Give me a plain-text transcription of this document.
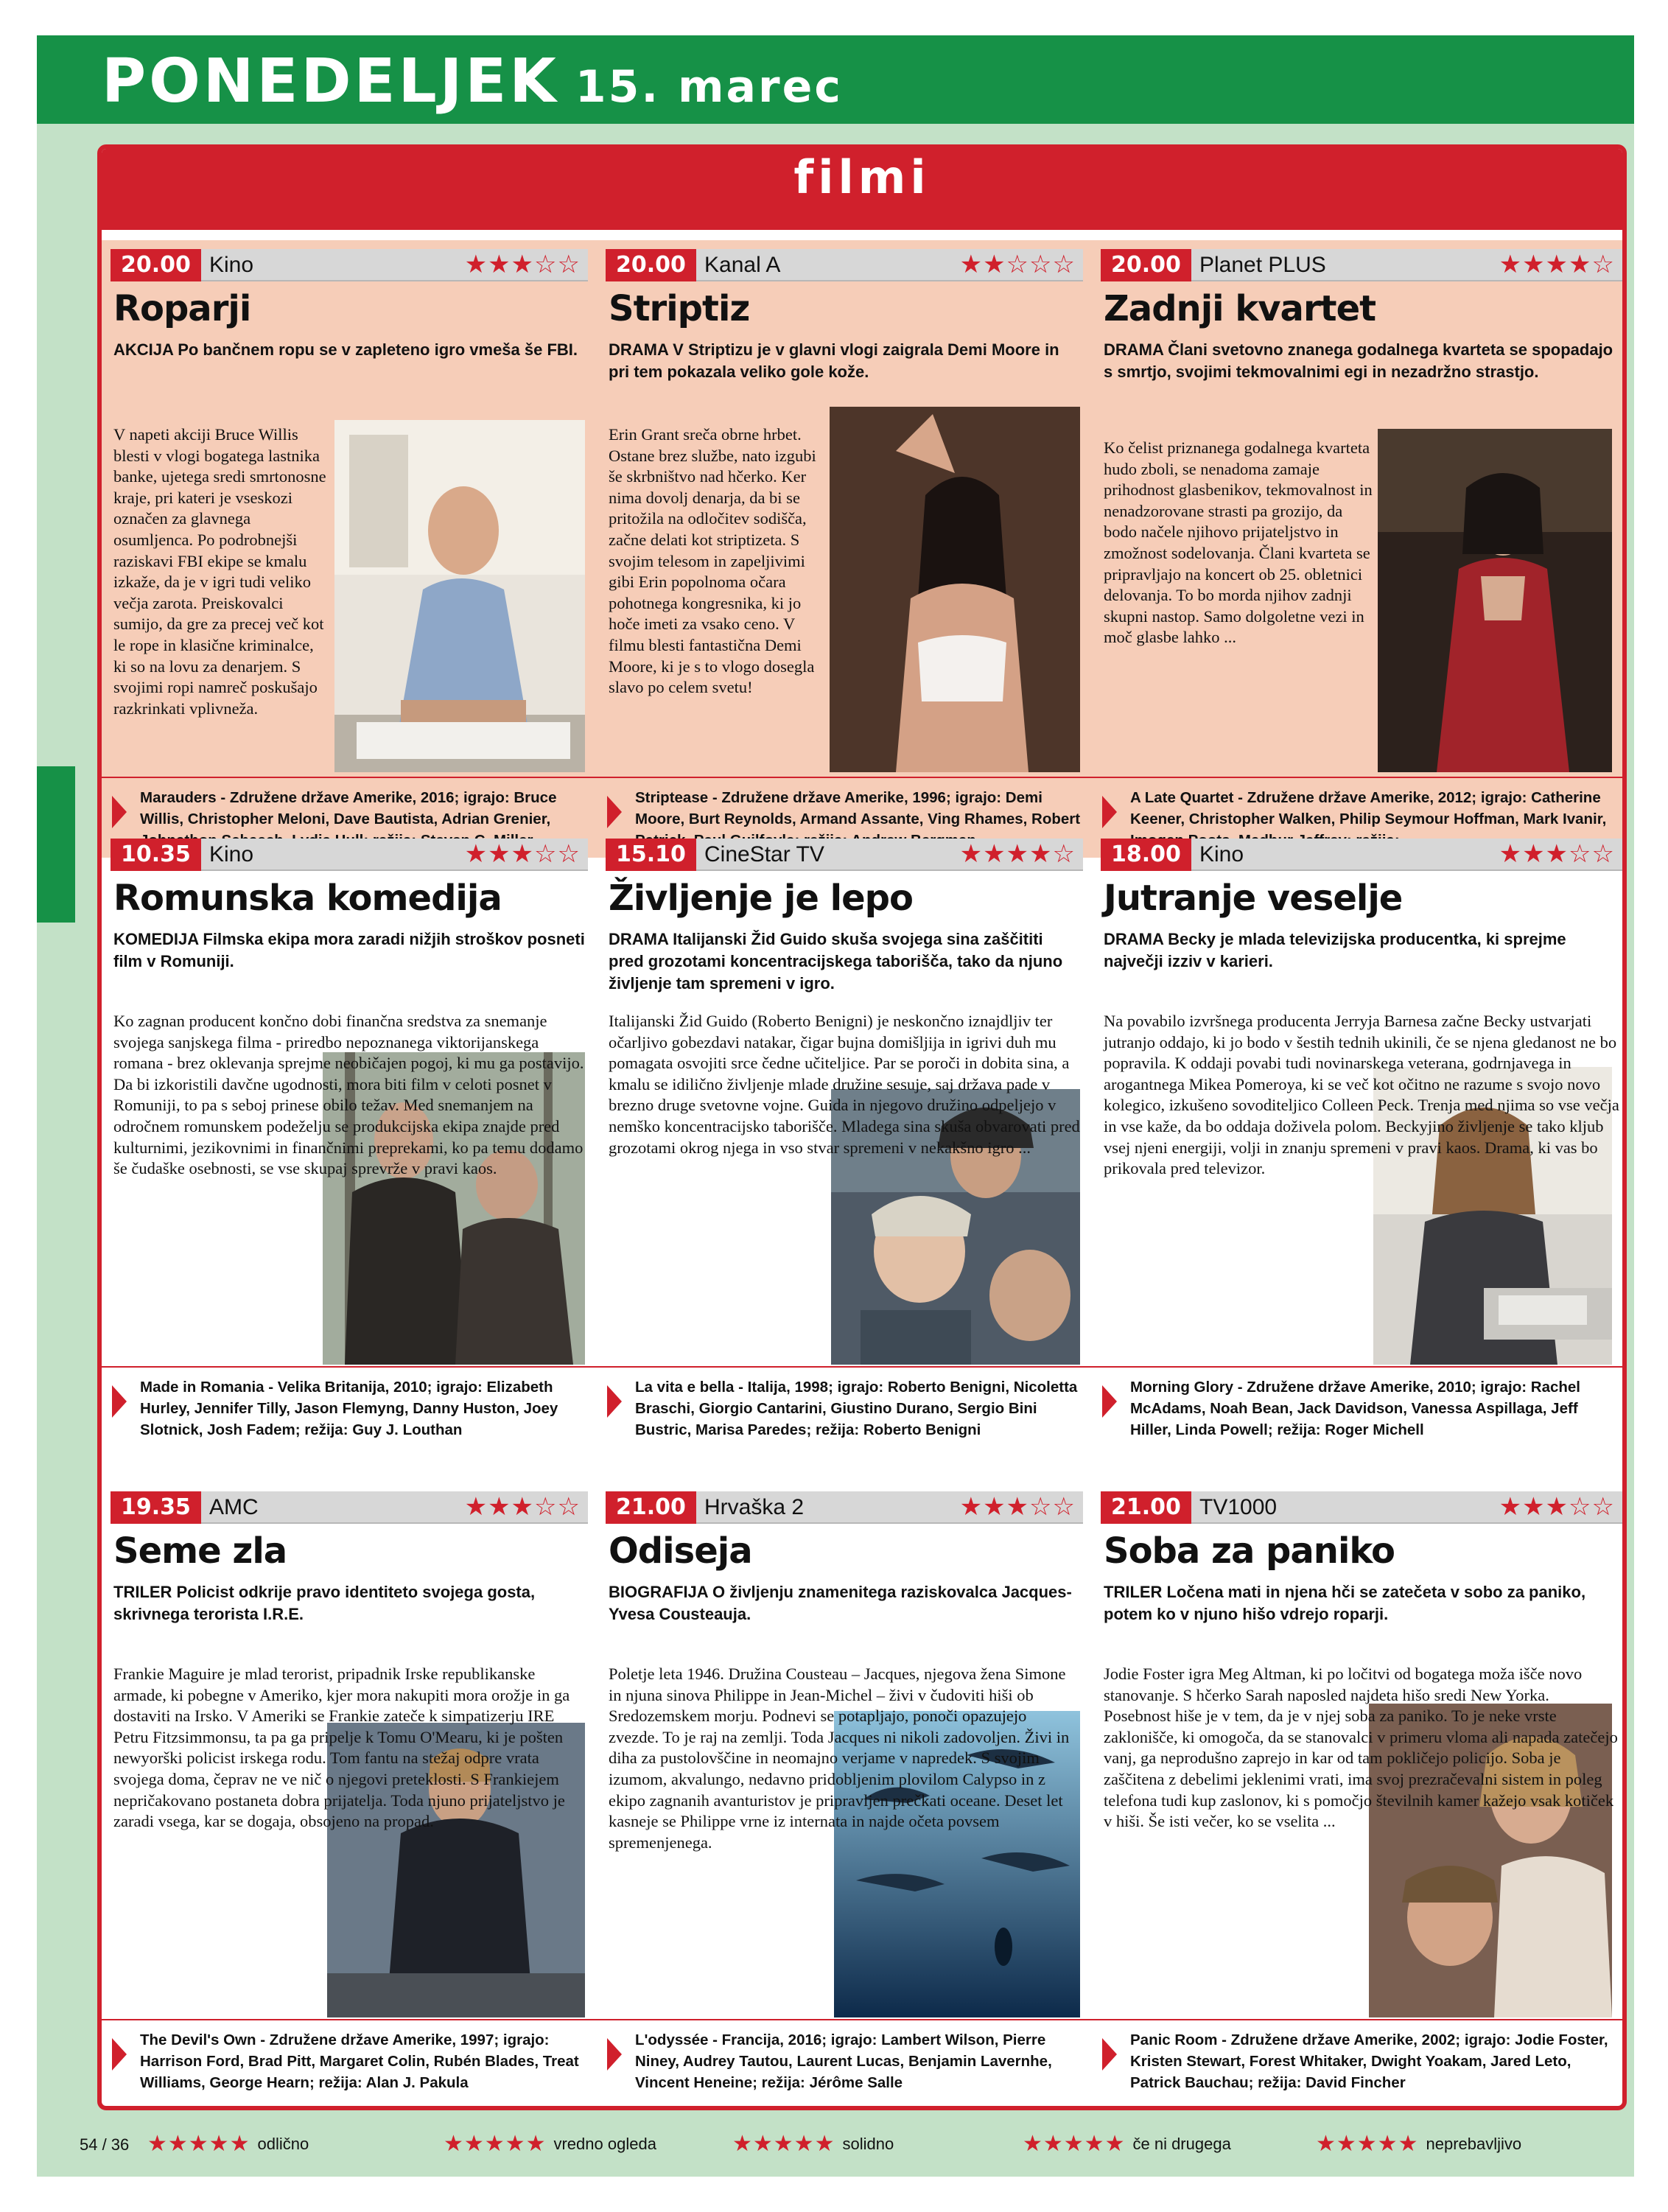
PONEDELJEK 15. marec
filmi
20.00 Kino	★★★☆☆
Roparji
AKCIJA Po bančnem ropu se v zapleteno igro vmeša še FBI.

V napeti akciji Bruce Willis blesti v vlogi bogatega lastnika banke, ujetega sredi smrtonosne kraje, pri kateri je vseskozi označen za glavnega osumljenca. Po podrobnejši raziskavi FBI ekipe se kmalu izkaže, da je v igri tudi veliko večja zarota. Preiskovalci sumijo, da gre za precej več kot le rope in klasične kriminalce, ki so na lovu za denarjem. S svojimi ropi namreč poskušajo razkrinkati vplivneža.

Marauders - Združene države Amerike, 2016; igrajo: Bruce Willis, Christopher Meloni, Dave Bautista, Adrian Grenier,
20.00 Kanal A	★★☆☆☆
Striptiz
DRAMA V Striptizu je v glavni vlogi zaigrala Demi Moore in pri tem pokazala veliko gole kože.

Erin Grant sreča obrne hrbet. Ostane brez službe, nato izgubi še skrbništvo nad hčerko. Ker nima dovolj denarja, da bi se pritožila na odločitev sodišča, začne delati kot striptizeta. S svojim telesom in zapeljivimi gibi Erin popolnoma očara pohotnega kongresnika, ki jo hoče imeti za vsako ceno. V filmu blesti fantastična Demi Moore, ki je s to vlogo dosegla slavo po celem svetu!

Striptease - Združene države Amerike, 1996; igrajo: Demi Moore, Burt Reynolds, Armand Assante, Ving Rhames, Robert
20.00 Planet PLUS	★★★★☆
Zadnji kvartet
DRAMA Člani svetovno znanega godalnega kvarteta se spopadajo s smrtjo, svojimi tekmovalnimi egi in nezadržno strastjo.

Ko čelist priznanega godalnega kvarteta hudo zboli, se nenadoma zamaje prihodnost glasbenikov, tekmovalnost in nenadzorovane strasti pa grozijo, da bodo načele njihovo prijateljstvo in zmožnost sodelovanja. Člani kvarteta se pripravljajo na koncert ob 25. obletnici delovanja. To bo morda njihov zadnji skupni nastop. Samo dolgoletne vezi in moč glasbe lahko ...

A Late Quartet - Združene države Amerike, 2012; igrajo: Catherine Keener, Christopher Walken, Philip Seymour Hoffman, Mark Ivanir,
10.35 Kino	★★★☆☆
Romunska komedija
KOMEDIJA Filmska ekipa mora zaradi nižjih stroškov posneti film v Romuniji.

Ko zagnan producent končno dobi finančna sredstva za snemanje svojega sanjskega filma - priredbo nepoznanega viktorijanskega romana - brez oklevanja sprejme neobičajen pogoj, ki mu ga postavijo. Da bi izkoristili davčne ugodnosti, mora biti film v celoti posnet v Romuniji, to pa s seboj prinese obilo težav. Med snemanjem na odročnem romunskem podeželju se produkcijska ekipa znajde pred kulturnimi, jezikovnimi in finančnimi preprekami, ko pa temu dodamo še čudaške osebnosti, se vse skupaj sprevrže v pravi kaos.

Made in Romania - Velika Britanija, 2010; igrajo: Elizabeth Hurley, Jennifer Tilly, Jason Flemyng, Danny Huston, Joey Slotnick, Josh Fadem; režija: Guy J. Louthan
15.10 CineStar TV	★★★★☆
Življenje je lepo
DRAMA Italijanski Žid Guido skuša svojega sina zaščititi pred grozotami koncentracijskega taborišča, tako da njuno življenje tam spremeni v igro.

Italijanski Žid Guido (Roberto Benigni) je neskončno iznajdljiv ter očarljivo gobezdavi natakar, čigar bujna domišljija in igrivi duh mu pomagata osvojiti srce čedne učiteljice. Par se poroči in dobita sina, a kmalu se idilično življenje mlade družine sesuje, saj država pade v brezno druge svetovne vojne. Guida in njegovo družino odpeljejo v nemško koncentracijsko taborišče. Mladega sina skuša obvarovati pred grozotami okrog njega in vso stvar spremeni v nekakšno igro ...

La vita e bella - Italija, 1998; igrajo: Roberto Benigni, Nicoletta Braschi, Giorgio Cantarini, Giustino Durano, Sergio Bini Bustric, Marisa Paredes; režija: Roberto Benigni
18.00 Kino	★★★☆☆
Jutranje veselje
DRAMA Becky je mlada televizijska producentka, ki sprejme največji izziv v karieri.

Na povabilo izvršnega producenta Jerryja Barnesa začne Becky ustvarjati jutranjo oddajo, ki jo bodo v šestih tednih ukinili, če se njena gledanost ne bo popravila. K oddaji povabi tudi novinarskega veterana, godrnjavega in arogantnega Mikea Pomeroya, ki se več kot očitno ne razume s svojo novo kolegico, izkušeno sovoditeljico Colleen Peck. Trenja med njima so vse večja in vse kaže, da bo oddaja doživela polom. Beckyjino življenje se tako kljub vsej njeni energiji, volji in znanju spremeni v pravi kaos. Drama, ki vas bo prikovala pred televizor.

Morning Glory - Združene države Amerike, 2010; igrajo: Rachel McAdams, Noah Bean, Jack Davidson, Vanessa Aspillaga, Jeff Hiller, Linda Powell; režija: Roger Michell
19.35 AMC	★★★☆☆
Seme zla
TRILER Policist odkrije pravo identiteto svojega gosta, skrivnega terorista I.R.E.

Frankie Maguire je mlad terorist, pripadnik Irske republikanske armade, ki pobegne v Ameriko, kjer mora nakupiti mora orožje in ga dostaviti na Irsko. V Ameriki se Frankie zateče k simpatizerju IRE Petru Fitzsimmonsu, ta pa ga pripelje k Tomu O'Mearu, ki je pošten newyorški policist irskega rodu. Tom fantu na stežaj odpre vrata svojega doma, čeprav ne ve nič o njegovi preteklosti. S Frankiejem nepričakovano postaneta dobra prijatelja. Toda njuno prijateljstvo je zaradi vsega, kar se dogaja, obsojeno na propad.

The Devil's Own - Združene države Amerike, 1997; igrajo: Harrison Ford, Brad Pitt, Margaret Colin, Rubén Blades, Treat Williams, George Hearn; režija: Alan J. Pakula
21.00 Hrvaška 2	★★★☆☆
Odiseja
BIOGRAFIJA O življenju znamenitega raziskovalca Jacques-Yvesa Cousteauja.

Poletje leta 1946. Družina Cousteau – Jacques, njegova žena Simone in njuna sinova Philippe in Jean-Michel – živi v čudoviti hiši ob Sredozemskem morju. Podnevi se potapljajo, ponoči opazujejo zvezde. To je raj na zemlji. Toda Jacques ni nikoli zadovoljen. Živi in diha za pustolovščine in neomajno verjame v napredek. S svojim izumom, akvalungo, nedavno pridobljenim plovilom Calypso in z ekipo zagnanih avanturistov je pripravljen prečkati oceane. Deset let kasneje se Philippe vrne iz internata in najde očeta povsem spremenjenega.

L'odyssée - Francija, 2016; igrajo: Lambert Wilson, Pierre Niney, Audrey Tautou, Laurent Lucas, Benjamin Lavernhe, Vincent Heneine; režija: Jérôme Salle
21.00 TV1000	★★★☆☆
Soba za paniko
TRILER Ločena mati in njena hči se zatečeta v sobo za paniko, potem ko v njuno hišo vdrejo roparji.

Jodie Foster igra Meg Altman, ki po ločitvi od bogatega moža išče novo stanovanje. S hčerko Sarah naposled najdeta hišo sredi New Yorka. Posebnost hiše je v tem, da je v njej soba za paniko. To je neke vrste zaklonišče, ki omogoča, da se stanovalci v primeru vloma ali napada zatečejo vanj, ga neprodušno zaprejo in kar od tam pokličejo policijo. Soba je zaščitena z debelimi jeklenimi vrati, ima svoj prezračevalni sistem in poleg telefona tudi kup zaslonov, ki s pomočjo številnih kamer kažejo vsak kotiček v hiši. Še isti večer, ko se vselita ...

Panic Room - Združene države Amerike, 2002; igrajo: Jodie Foster, Kristen Stewart, Forest Whitaker, Dwight Yoakam, Jared Leto, Patrick Bauchau; režija: David Fincher
54 / 36 ★★★★★ odlično	★★★★★ vredno ogleda	★★★★★ solidno	★★★★★ če ni drugega	★★★★★ neprebavljivo
